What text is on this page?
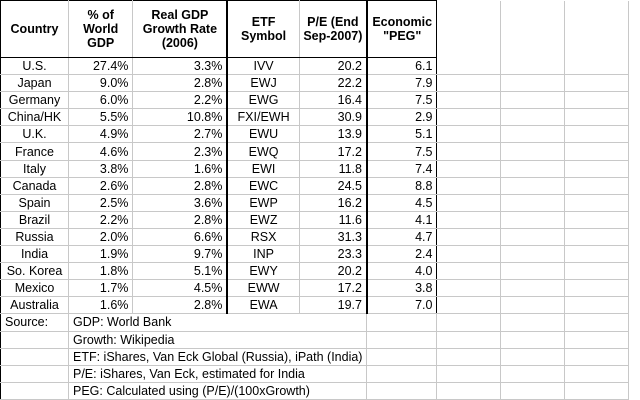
Country	% of World GDP	Real GDP Growth Rate (2006)	ETF Symbol	P/E (End Sep-2007)	Economic "PEG"			
U.S.	27.4%	3.3%	IVV	20.2	6.1			
Japan	9.0%	2.8%	EWJ	22.2	7.9			
Germany	6.0%	2.2%	EWG	16.4	7.5			
China/HK	5.5%	10.8%	FXI/EWH	30.9	2.9			
U.K.	4.9%	2.7%	EWU	13.9	5.1			
France	4.6%	2.3%	EWQ	17.2	7.5			
Italy	3.8%	1.6%	EWI	11.8	7.4			
Canada	2.6%	2.8%	EWC	24.5	8.8			
Spain	2.5%	3.6%	EWP	16.2	4.5			
Brazil	2.2%	2.8%	EWZ	11.6	4.1			
Russia	2.0%	6.6%	RSX	31.3	4.7			
India	1.9%	9.7%	INP	23.3	2.4			
So. Korea	1.8%	5.1%	EWY	20.2	4.0			
Mexico	1.7%	4.5%	EWW	17.2	3.8			
Australia	1.6%	2.8%	EWA	19.7	7.0			
Source:	GDP: World Bank							
	Growth: Wikipedia							
	ETF: iShares, Van Eck Global (Russia), iPath (India)							
	P/E: iShares, Van Eck, estimated for India							
	PEG: Calculated using (P/E)/(100xGrowth)							
